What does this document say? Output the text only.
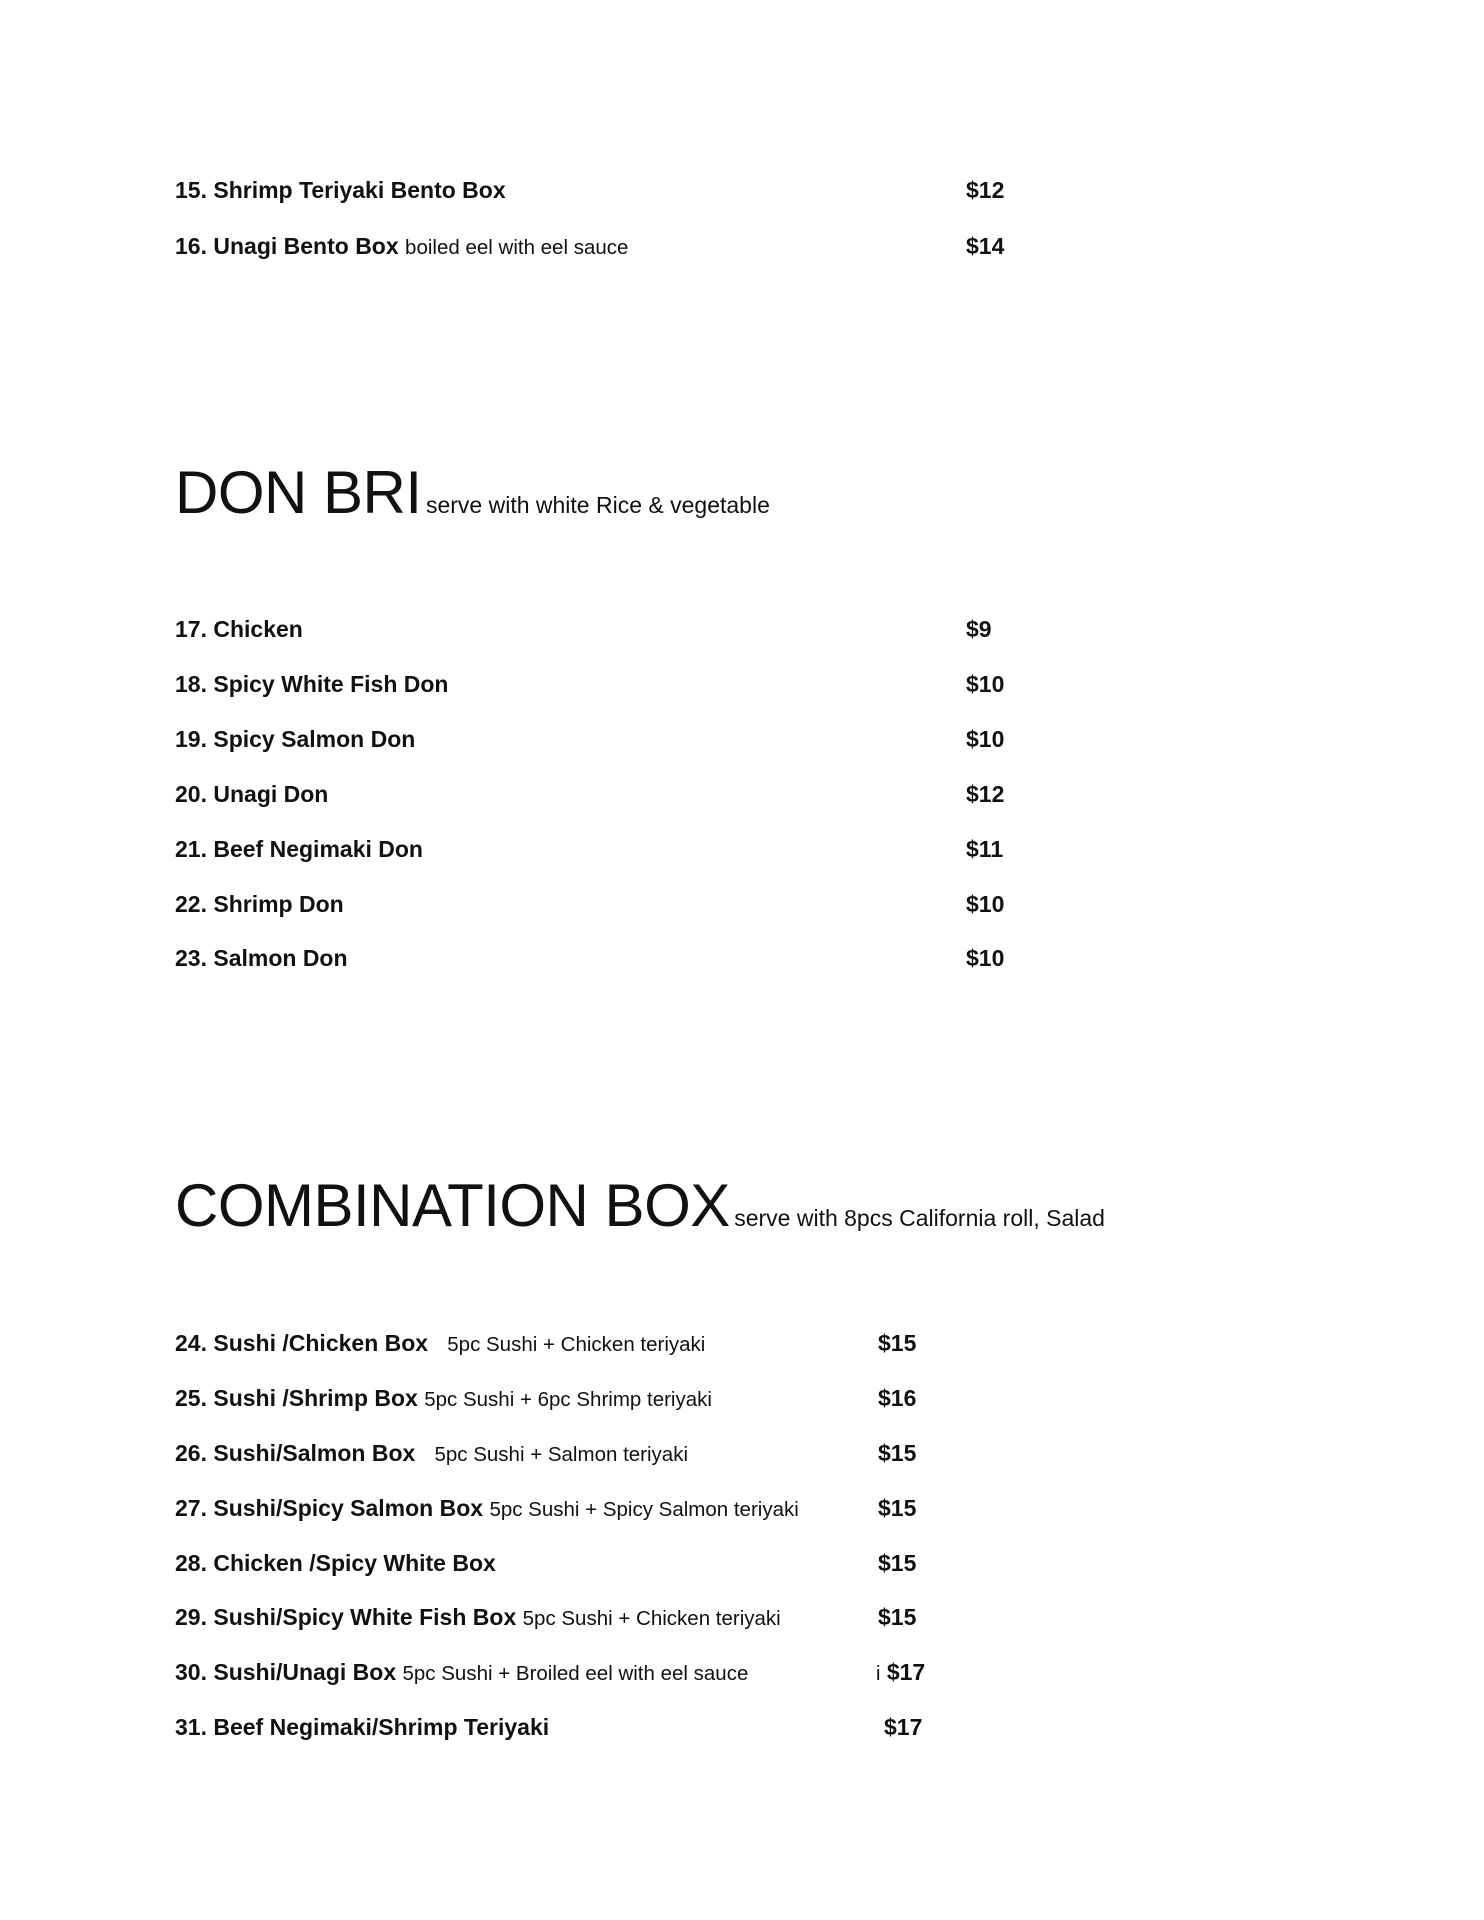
15. Shrimp Teriyaki Bento Box	$12
16. Unagi Bento Box boiled eel with eel sauce	$14
DON BRI serve with white Rice & vegetable
17. Chicken	$9
18. Spicy White Fish Don	$10
19. Spicy Salmon Don	$10
20. Unagi Don	$12
21. Beef Negimaki Don	$11
22. Shrimp Don	$10
23. Salmon Don	$10
COMBINATION BOX serve with 8pcs California roll, Salad
24. Sushi /Chicken Box 5pc Sushi + Chicken teriyaki	$15
25. Sushi /Shrimp Box 5pc Sushi + 6pc Shrimp teriyaki	$16
26. Sushi/Salmon Box 5pc Sushi + Salmon teriyaki	$15
27. Sushi/Spicy Salmon Box 5pc Sushi + Spicy Salmon teriyaki	$15
28. Chicken /Spicy White Box	$15
29. Sushi/Spicy White Fish Box 5pc Sushi + Chicken teriyaki	$15
30. Sushi/Unagi Box 5pc Sushi + Broiled eel with eel sauce	i $17
31. Beef Negimaki/Shrimp Teriyaki	$17
